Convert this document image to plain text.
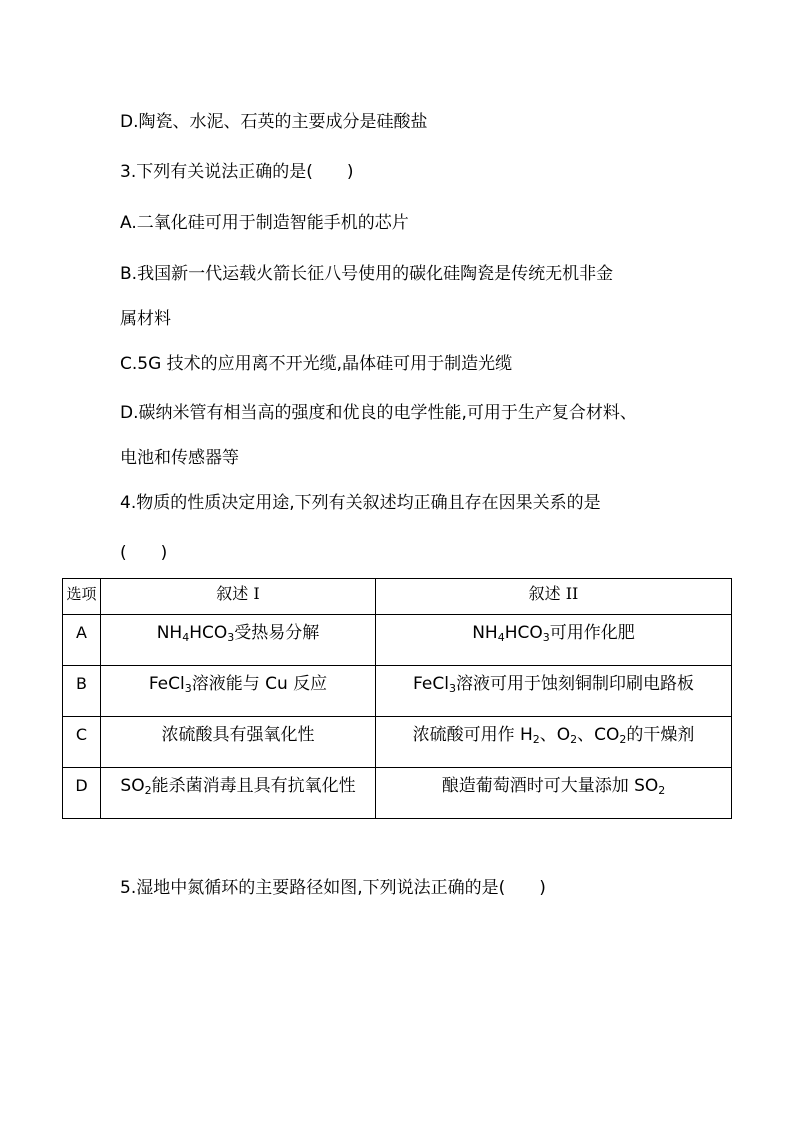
D.陶瓷、水泥、石英的主要成分是硅酸盐
3.下列有关说法正确的是(　　)
A.二氧化硅可用于制造智能手机的芯片
B.我国新一代运载火箭长征八号使用的碳化硅陶瓷是传统无机非金
属材料
C.5G 技术的应用离不开光缆,晶体硅可用于制造光缆
D.碳纳米管有相当高的强度和优良的电学性能,可用于生产复合材料、
电池和传感器等
4.物质的性质决定用途,下列有关叙述均正确且存在因果关系的是
(　　)
选项	叙述 I	叙述 II
A	$NH_4HCO_3$受热易分解	$NH_4HCO_3$可用作化肥
B	FeCl$_3$溶液能与 Cu 反应	FeCl$_3$溶液可用于蚀刻铜制印刷电路板
C	浓硫酸具有强氧化性	浓硫酸可用作 $H_2$、$O_2$、$CO_2$的干燥剂
D	$SO_2$能杀菌消毒且具有抗氧化性	酿造葡萄酒时可大量添加 $SO_2$
5.湿地中氮循环的主要路径如图,下列说法正确的是(　　)
